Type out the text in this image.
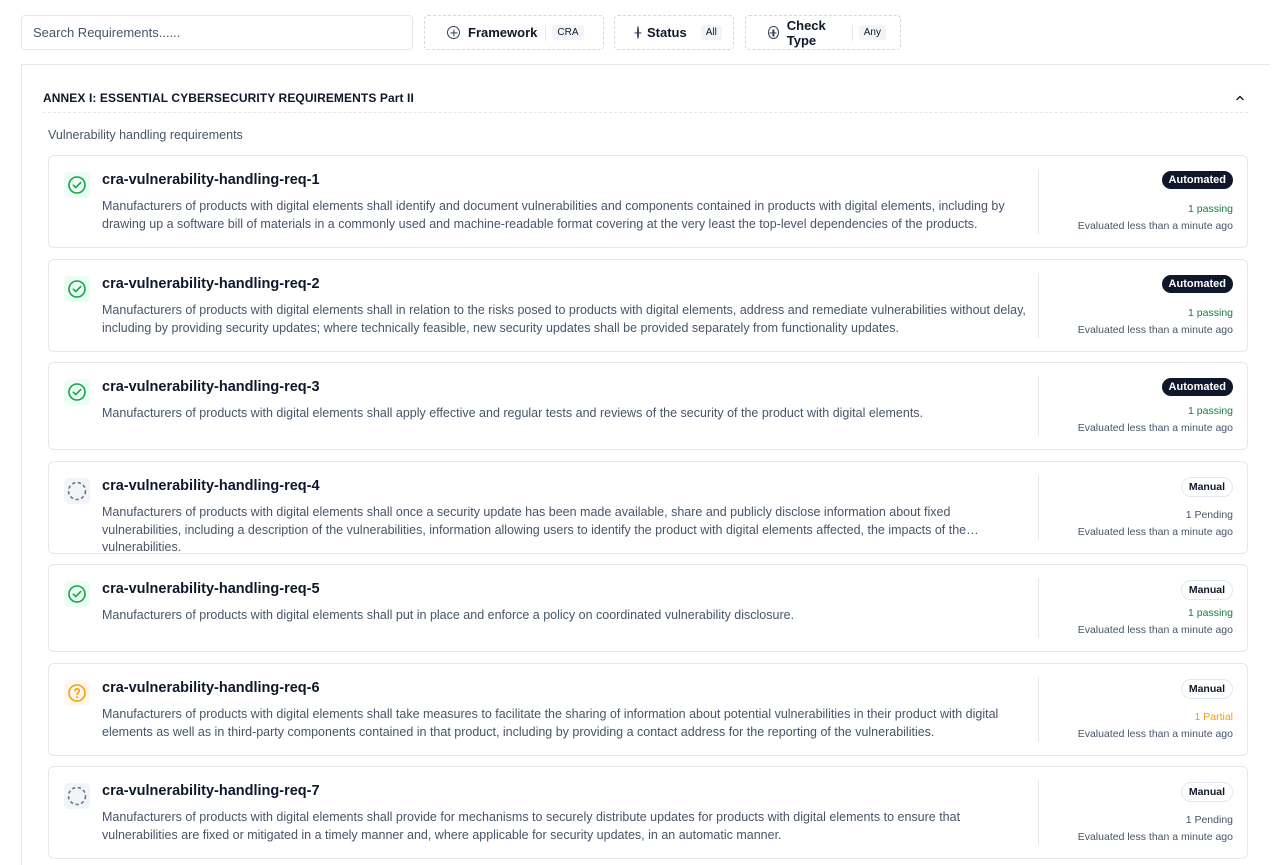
Search Requirements......
Framework	CRA	Status	All	Check Type	Any
ANNEX I: ESSENTIAL CYBERSECURITY REQUIREMENTS Part II
Vulnerability handling requirements
cra-vulnerability-handling-req-1
Manufacturers of products with digital elements shall identify and document vulnerabilities and components contained in products with digital elements, including by drawing up a software bill of materials in a commonly used and machine-readable format covering at the very least the top-level dependencies of the products.
Automated
1 passing
Evaluated less than a minute ago
cra-vulnerability-handling-req-2
Manufacturers of products with digital elements shall in relation to the risks posed to products with digital elements, address and remediate vulnerabilities without delay, including by providing security updates; where technically feasible, new security updates shall be provided separately from functionality updates.
Automated
1 passing
Evaluated less than a minute ago
cra-vulnerability-handling-req-3
Manufacturers of products with digital elements shall apply effective and regular tests and reviews of the security of the product with digital elements.
Automated
1 passing
Evaluated less than a minute ago
cra-vulnerability-handling-req-4
Manufacturers of products with digital elements shall once a security update has been made available, share and publicly disclose information about fixed vulnerabilities, including a description of the vulnerabilities, information allowing users to identify the product with digital elements affected, the impacts of the vulnerabilities.
Manual
1 Pending
Evaluated less than a minute ago
cra-vulnerability-handling-req-5
Manufacturers of products with digital elements shall put in place and enforce a policy on coordinated vulnerability disclosure.
Manual
1 passing
Evaluated less than a minute ago
cra-vulnerability-handling-req-6
Manufacturers of products with digital elements shall take measures to facilitate the sharing of information about potential vulnerabilities in their product with digital elements as well as in third-party components contained in that product, including by providing a contact address for the reporting of the vulnerabilities.
Manual
1 Partial
Evaluated less than a minute ago
cra-vulnerability-handling-req-7
Manufacturers of products with digital elements shall provide for mechanisms to securely distribute updates for products with digital elements to ensure that vulnerabilities are fixed or mitigated in a timely manner and, where applicable for security updates, in an automatic manner.
Manual
1 Pending
Evaluated less than a minute ago
